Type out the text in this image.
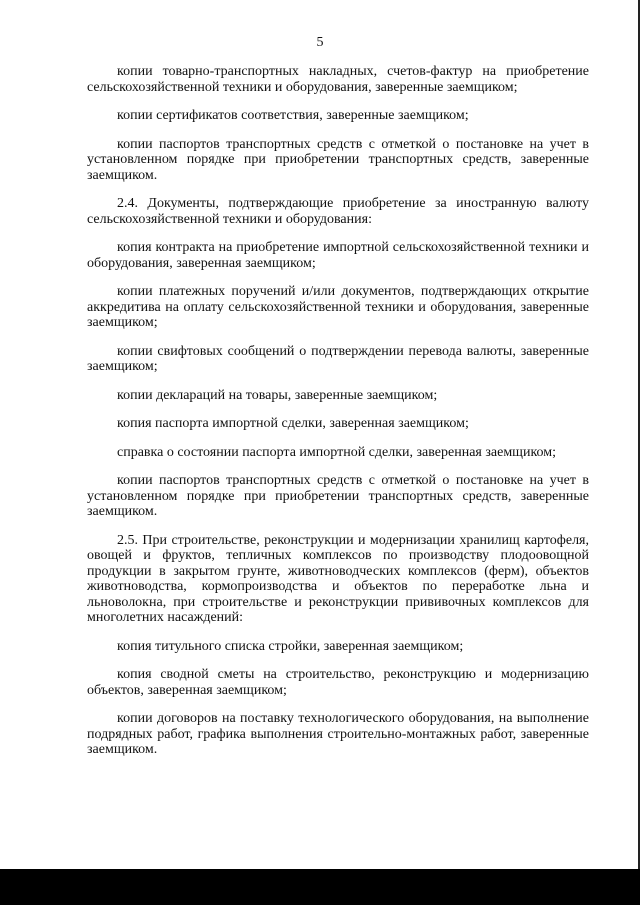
5

копии товарно-транспортных накладных, счетов-фактур на приобретение сельскохозяйственной техники и оборудования, заверенные заемщиком;

копии сертификатов соответствия, заверенные заемщиком;

копии паспортов транспортных средств с отметкой о постановке на учет в установленном порядке при приобретении транспортных средств, заверенные заемщиком.

2.4. Документы, подтверждающие приобретение за иностранную валюту сельскохозяйственной техники и оборудования:

копия контракта на приобретение импортной сельскохозяйственной техники и оборудования, заверенная заемщиком;

копии платежных поручений и/или документов, подтверждающих открытие аккредитива на оплату сельскохозяйственной техники и оборудования, заверенные заемщиком;

копии свифтовых сообщений о подтверждении перевода валюты, заверенные заемщиком;

копии деклараций на товары, заверенные заемщиком;

копия паспорта импортной сделки, заверенная заемщиком;

справка о состоянии паспорта импортной сделки, заверенная заемщиком;

копии паспортов транспортных средств с отметкой о постановке на учет в установленном порядке при приобретении транспортных средств, заверенные заемщиком.

2.5. При строительстве, реконструкции и модернизации хранилищ картофеля, овощей и фруктов, тепличных комплексов по производству плодоовощной продукции в закрытом грунте, животноводческих комплексов (ферм), объектов животноводства, кормопроизводства и объектов по переработке льна и льноволокна, при строительстве и реконструкции прививочных комплексов для многолетних насаждений:

копия титульного списка стройки, заверенная заемщиком;

копия сводной сметы на строительство, реконструкцию и модернизацию объектов, заверенная заемщиком;

копии договоров на поставку технологического оборудования, на выполнение подрядных работ, графика выполнения строительно-монтажных работ, заверенные заемщиком.
